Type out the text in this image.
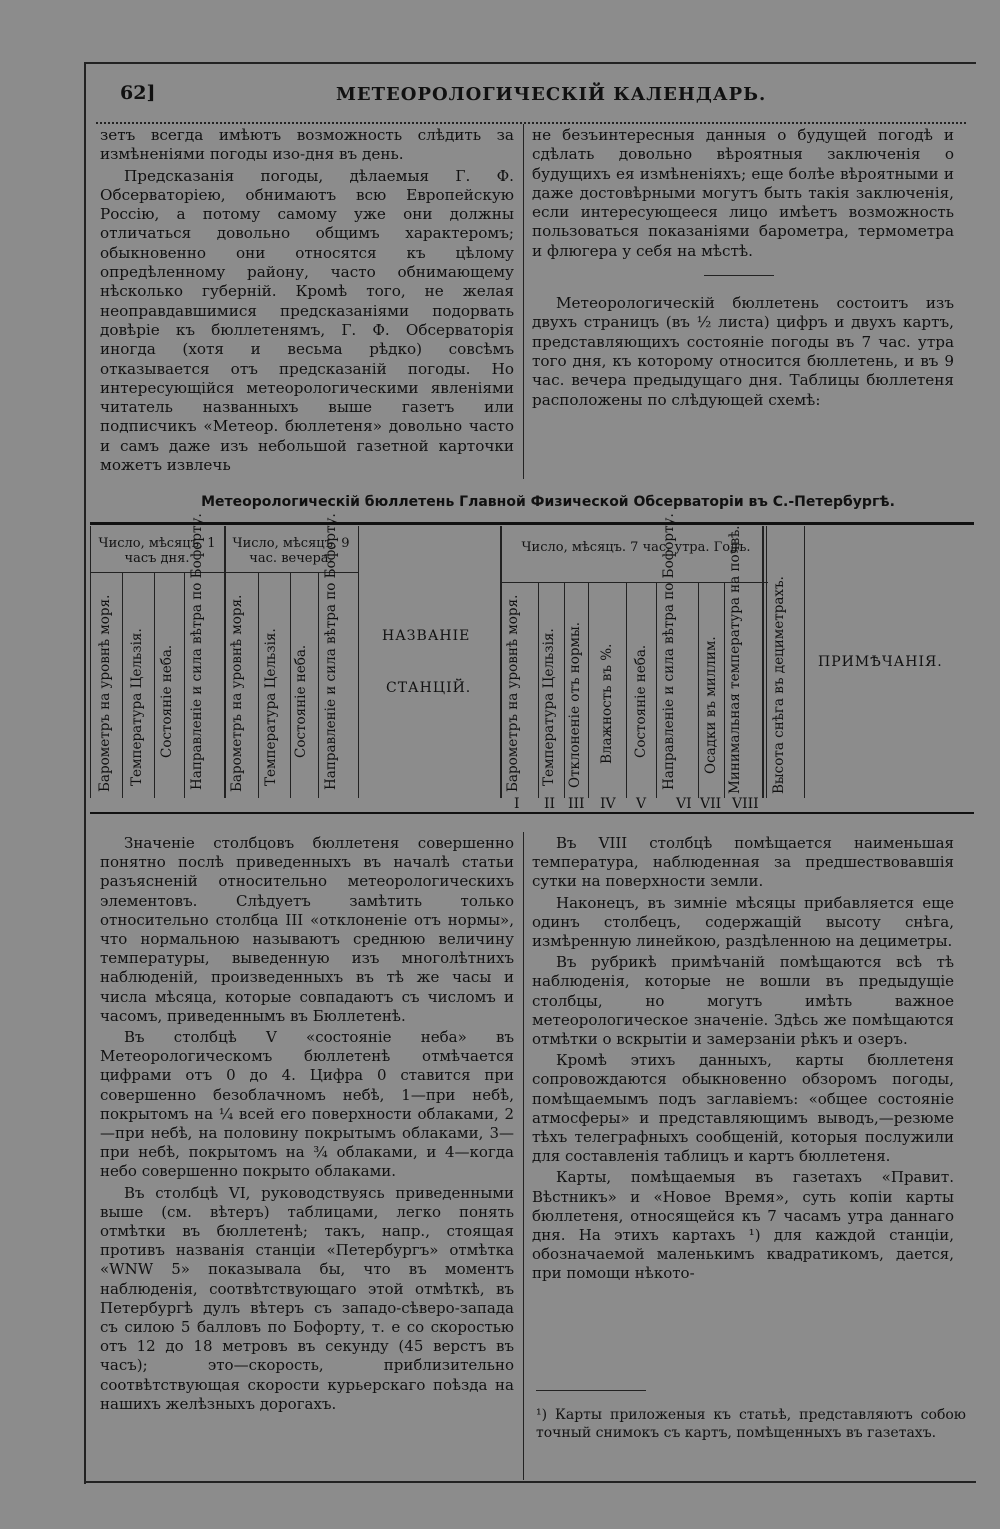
62]	МЕТЕОРОЛОГИЧЕСКІЙ КАЛЕНДАРЬ.

зетъ всегда имѣютъ возможность слѣдить за измѣненіями погоды изо-дня въ день.

Предсказанія погоды, дѣлаемыя Г. Ф. Обсерваторіею, обнимаютъ всю Европейскую Россію, а потому самому уже они должны отличаться довольно общимъ характеромъ; обыкновенно они относятся къ цѣлому опредѣленному району, часто обнимающему нѣсколько губерній. Кромѣ того, не желая неоправдавшимися предсказаніями подорвать довѣріе къ бюллетенямъ, Г. Ф. Обсерваторія иногда (хотя и весьма рѣдко) совсѣмъ отказывается отъ предсказаній погоды. Но интересующійся метеорологическими явленіями читатель названныхъ выше газетъ или подписчикъ «Метеор. бюллетеня» довольно часто и самъ даже изъ небольшой газетной карточки можетъ извлечь

не безъинтересныя данныя о будущей погодѣ и сдѣлать довольно вѣроятныя заключенія о будущихъ ея измѣненіяхъ; еще болѣе вѣроятными и даже достовѣрными могутъ быть такія заключенія, если интересующееся лицо имѣетъ возможность пользоваться показаніями барометра, термометра и флюгера у себя на мѣстѣ.

Метеорологическій бюллетень состоитъ изъ двухъ страницъ (въ ½ листа) цифръ и двухъ картъ, представляющихъ состояніе погоды въ 7 час. утра того дня, къ которому относится бюллетень, и въ 9 час. вечера предыдущаго дня. Таблицы бюллетеня расположены по слѣдующей схемѣ:

Метеорологическій бюллетень Главной Физической Обсерваторіи въ С.-Петербургѣ.
Число, мѣсяцъ, 1 часъ дня.
Число, мѣсяцъ, 9 час. вечера.
Число, мѣсяцъ. 7 час. утра. Годъ.
Барометръ на уровнѣ моря. Температура Цельзія. Состояніе неба. Направленіе и сила вѣтра по Бофорту. Барометръ на уровнѣ моря. Температура Цельзія. Состояніе неба. Направленіе и сила вѣтра по Бофорту.	НАЗВАНІЕ
СТАНЦІЙ. Барометръ на уровнѣ моря. Температура Цельзія. Отклоненіе отъ нормы. Влажность въ %. Состояніе неба. Направленіе и сила вѣтра по Бофорту. Осадки въ миллим. Минимальная температура на почвѣ. Высота снѣга въ дециметрахъ. ПРИМѢЧАНІЯ.
I II III IV V VI VII VIII

Значеніе столбцовъ бюллетеня совершенно понятно послѣ приведенныхъ въ началѣ статьи разъясненій относительно метеорологическихъ элементовъ. Слѣдуетъ замѣтить только относительно столбца III «отклоненіе отъ нормы», что нормальною называютъ среднюю величину температуры, выведенную изъ многолѣтнихъ наблюденій, произведенныхъ въ тѣ же часы и числа мѣсяца, которые совпадаютъ съ числомъ и часомъ, приведеннымъ въ Бюллетенѣ.

Въ столбцѣ V «состояніе неба» въ Метеорологическомъ бюллетенѣ отмѣчается цифрами отъ 0 до 4. Цифра 0 ставится при совершенно безоблачномъ небѣ, 1—при небѣ, покрытомъ на ¼ всей его поверхности облаками, 2—при небѣ, на половину покрытымъ облаками, 3—при небѣ, покрытомъ на ¾ облаками, и 4—когда небо совершенно покрыто облаками.

Въ столбцѣ VI, руководствуясь приведенными выше (см. вѣтеръ) таблицами, легко понять отмѣтки въ бюллетенѣ; такъ, напр., стоящая противъ названія станціи «Петербургъ» отмѣтка «WNW 5» показывала бы, что въ моментъ наблюденія, соотвѣтствующаго этой отмѣткѣ, въ Петербургѣ дулъ вѣтеръ съ западо-сѣверо-запада съ силою 5 балловъ по Бофорту, т. е со скоростью отъ 12 до 18 метровъ въ секунду (45 верстъ въ часъ); это—скорость, приблизительно соотвѣтствующая скорости курьерскаго поѣзда на нашихъ желѣзныхъ дорогахъ.

Въ VIII столбцѣ помѣщается наименьшая температура, наблюденная за предшествовавшія сутки на поверхности земли.

Наконецъ, въ зимніе мѣсяцы прибавляется еще одинъ столбецъ, содержащій высоту снѣга, измѣренную линейкою, раздѣленною на дециметры.

Въ рубрикѣ примѣчаній помѣщаются всѣ тѣ наблюденія, которые не вошли въ предыдущіе столбцы, но могутъ имѣть важное метеорологическое значеніе. Здѣсь же помѣщаются отмѣтки о вскрытіи и замерзаніи рѣкъ и озеръ.

Кромѣ этихъ данныхъ, карты бюллетеня сопровождаются обыкновенно обзоромъ погоды, помѣщаемымъ подъ заглавіемъ: «общее состояніе атмосферы» и представляющимъ выводъ,—резюме тѣхъ телеграфныхъ сообщеній, которыя послужили для составленія таблицъ и картъ бюллетеня.

Карты, помѣщаемыя въ газетахъ «Правит. Вѣстникъ» и «Новое Время», суть копіи карты бюллетеня, относящейся къ 7 часамъ утра даннаго дня. На этихъ картахъ ¹) для каждой станціи, обозначаемой маленькимъ квадратикомъ, дается, при помощи нѣкото-

¹) Карты приложеныя къ статьѣ, представляютъ собою точный снимокъ съ картъ, помѣщенныхъ въ газетахъ.
